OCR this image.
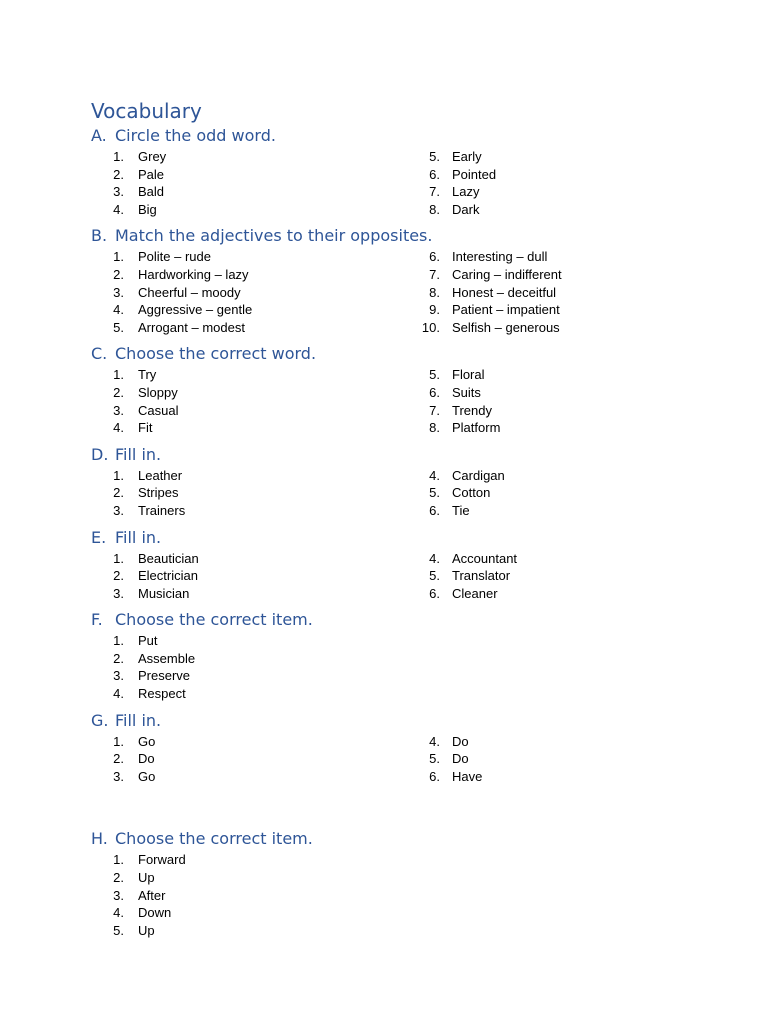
Vocabulary
A. Circle the odd word.
1.	Grey
2.	Pale
3.	Bald
4.	Big
5. Early
6. Pointed
7. Lazy
8. Dark
B. Match the adjectives to their opposites.
1.	Polite – rude
2.	Hardworking – lazy
3.	Cheerful – moody
4.	Aggressive – gentle
5.	Arrogant – modest
6. Interesting – dull
7. Caring – indifferent
8. Honest – deceitful
9. Patient – impatient
10. Selfish – generous
C. Choose the correct word.
1.	Try
2.	Sloppy
3.	Casual
4.	Fit
5. Floral
6. Suits
7. Trendy
8. Platform
D. Fill in.
1.	Leather
2.	Stripes
3.	Trainers
4. Cardigan
5. Cotton
6. Tie
E. Fill in.
1.	Beautician
2.	Electrician
3.	Musician
4. Accountant
5. Translator
6. Cleaner
F. Choose the correct item.
1.	Put
2.	Assemble
3.	Preserve
4.	Respect
G. Fill in.
1.	Go
2.	Do
3.	Go
4. Do
5. Do
6. Have
H. Choose the correct item.
1.	Forward
2.	Up
3.	After
4.	Down
5.	Up
